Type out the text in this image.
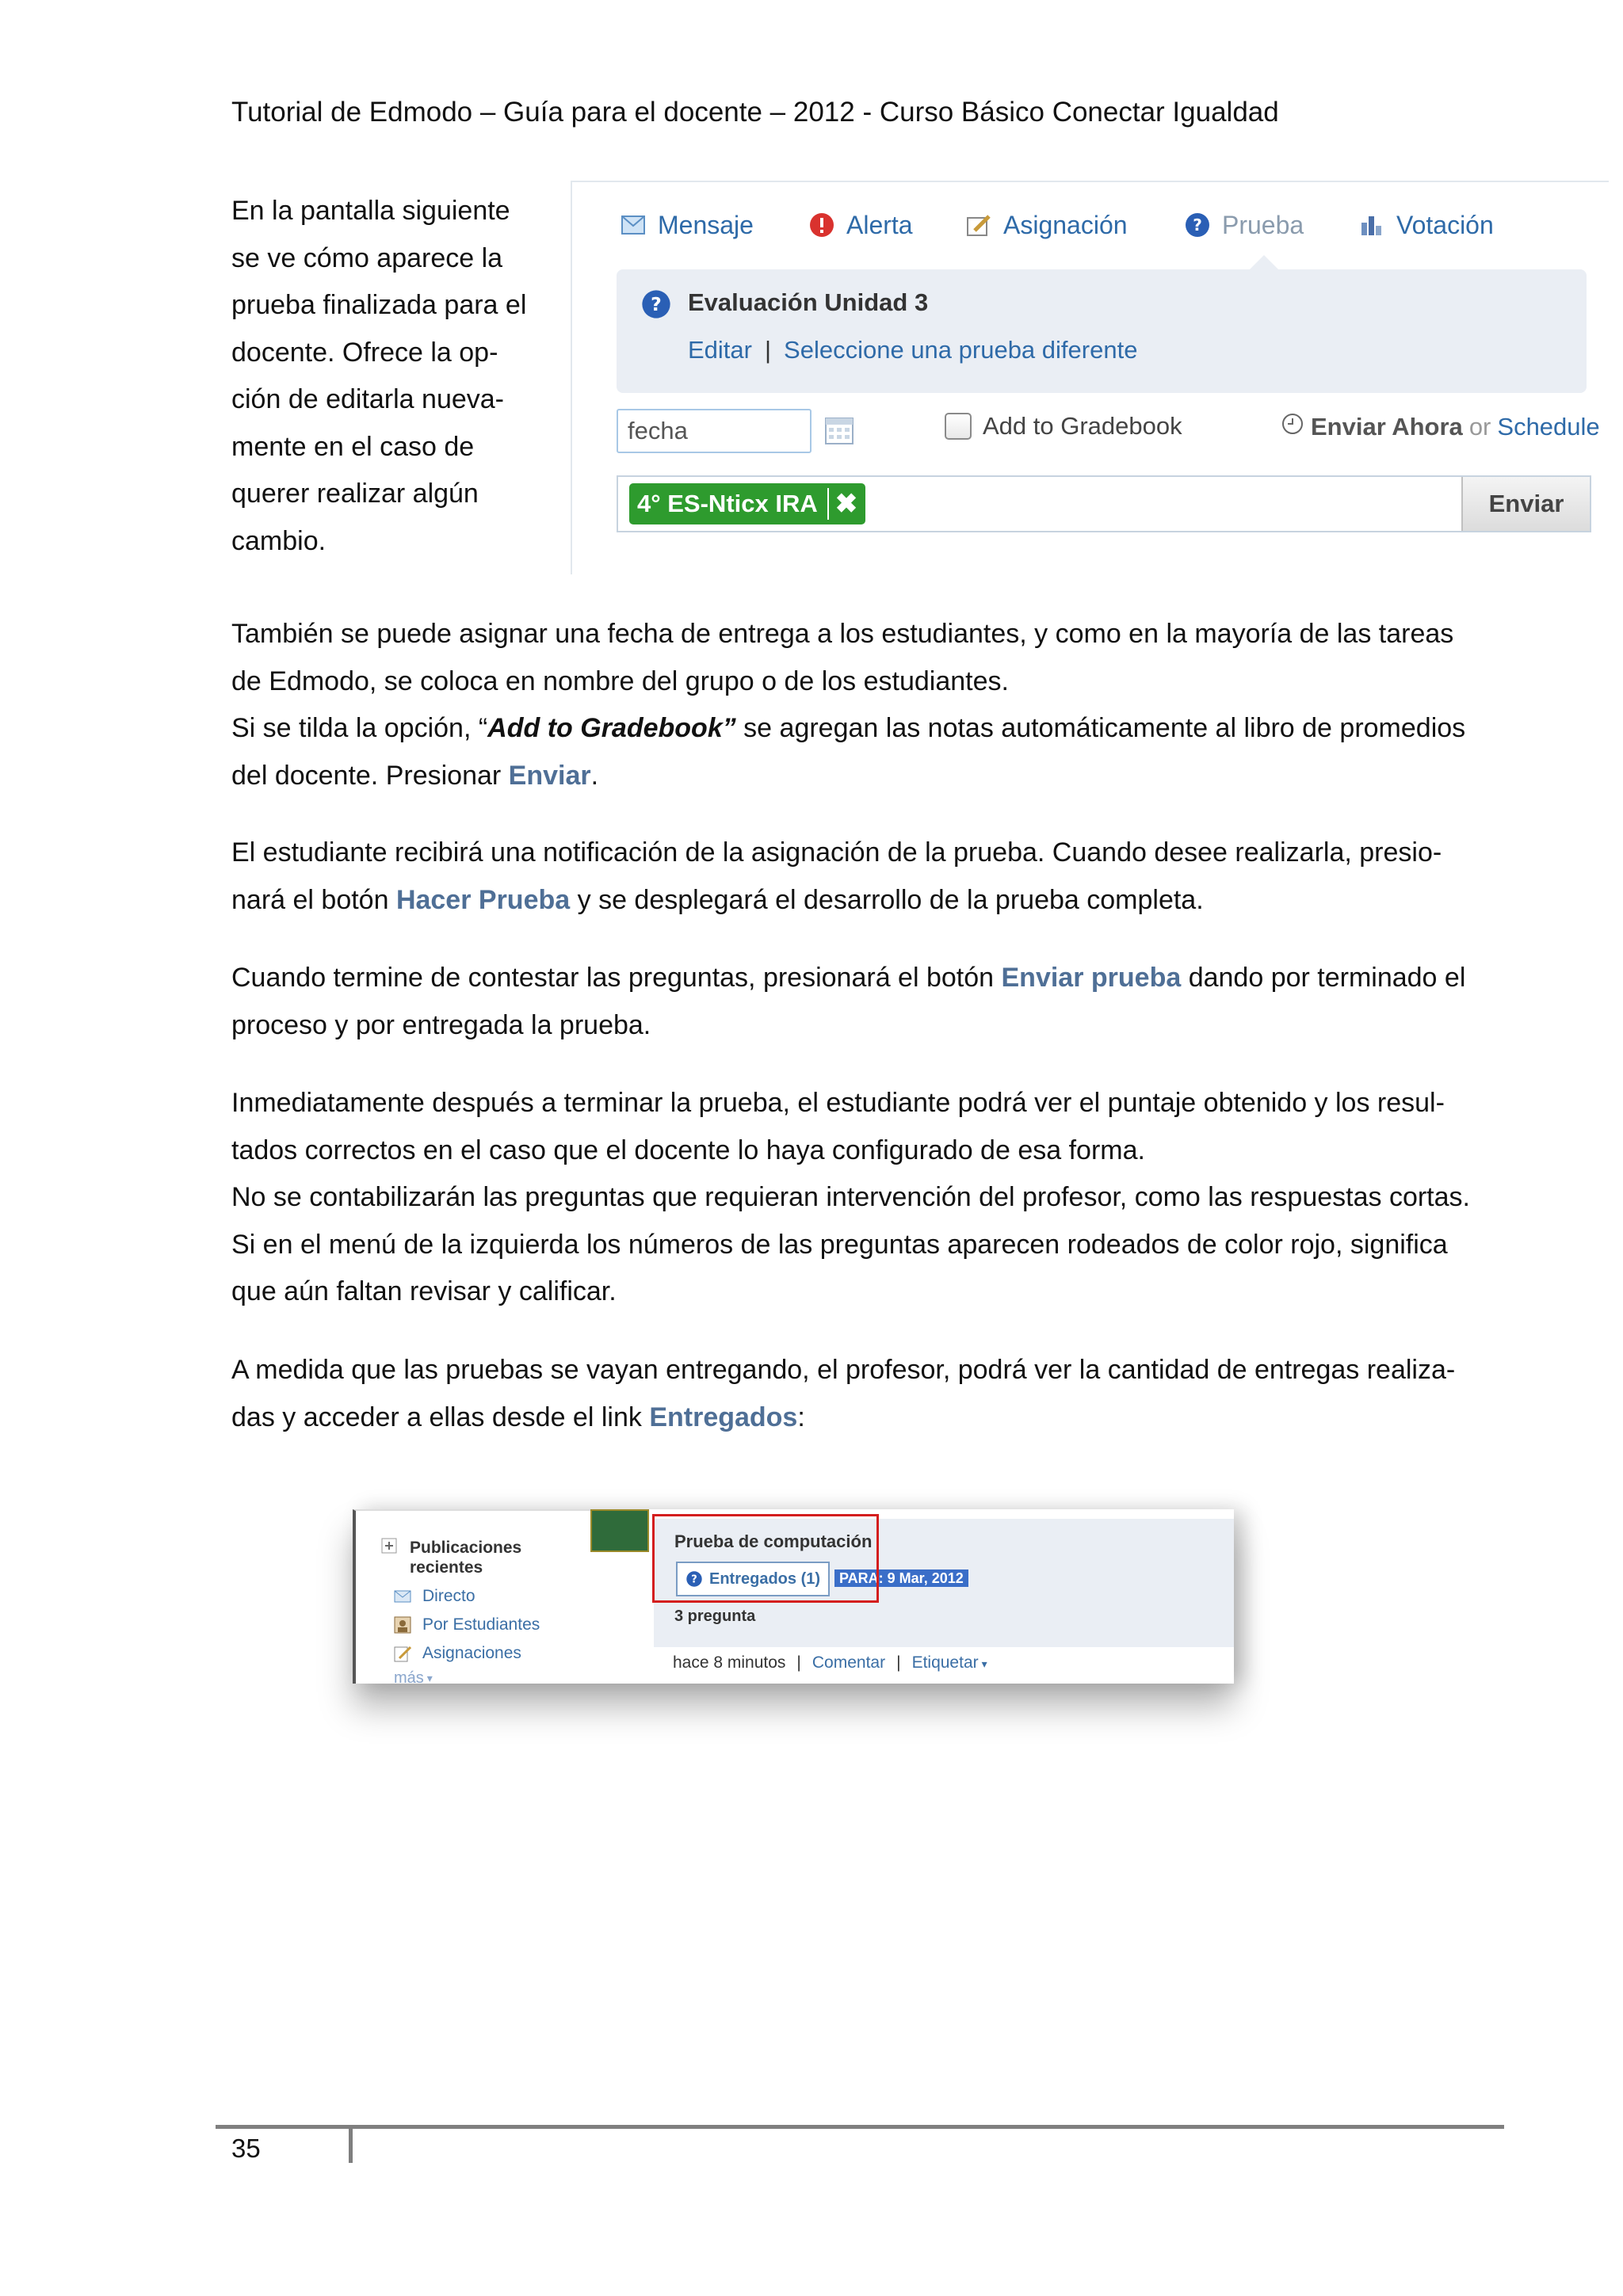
Tutorial de Edmodo – Guía para el docente – 2012 - Curso Básico Conectar Igualdad
En la pantalla siguiente
se ve cómo aparece la
prueba finalizada para el
docente. Ofrece la op-
ción de editarla nueva-
mente en el caso de
querer realizar algún
cambio.
Mensaje	Alerta	Asignación	? Prueba	Votación
? Evaluación Unidad 3
Editar | Seleccione una prueba diferente
fecha	Add to Gradebook	Enviar Ahora or Schedule
4° ES-Nticx IRA ✖	Enviar

También se puede asignar una fecha de entrega a los estudiantes, y como en la mayoría de las tareas

de Edmodo, se coloca en nombre del grupo o de los estudiantes.

Si se tilda la opción, “Add to Gradebook” se agregan las notas automáticamente al libro de promedios

del docente. Presionar Enviar.

El estudiante recibirá una notificación de la asignación de la prueba. Cuando desee realizarla, presio-

nará el botón Hacer Prueba y se desplegará el desarrollo de la prueba completa.

Cuando termine de contestar las preguntas, presionará el botón Enviar prueba dando por terminado el

proceso y por entregada la prueba.

Inmediatamente después a terminar la prueba, el estudiante podrá ver el puntaje obtenido y los resul-

tados correctos en el caso que el docente lo haya configurado de esa forma.

No se contabilizarán las preguntas que requieran intervención del profesor, como las respuestas cortas.

Si en el menú de la izquierda los números de las preguntas aparecen rodeados de color rojo, significa

que aún faltan revisar y calificar.

A medida que las pruebas se vayan entregando, el profesor, podrá ver la cantidad de entregas realiza-

das y acceder a ellas desde el link Entregados:

Publicaciones
recientes
Directo
Por Estudiantes
Asignaciones
más ▾
Prueba de computación
? Entregados (1)	PARA: 9 Mar, 2012
3 pregunta
hace 8 minutos | Comentar | Etiquetar ▾
35
